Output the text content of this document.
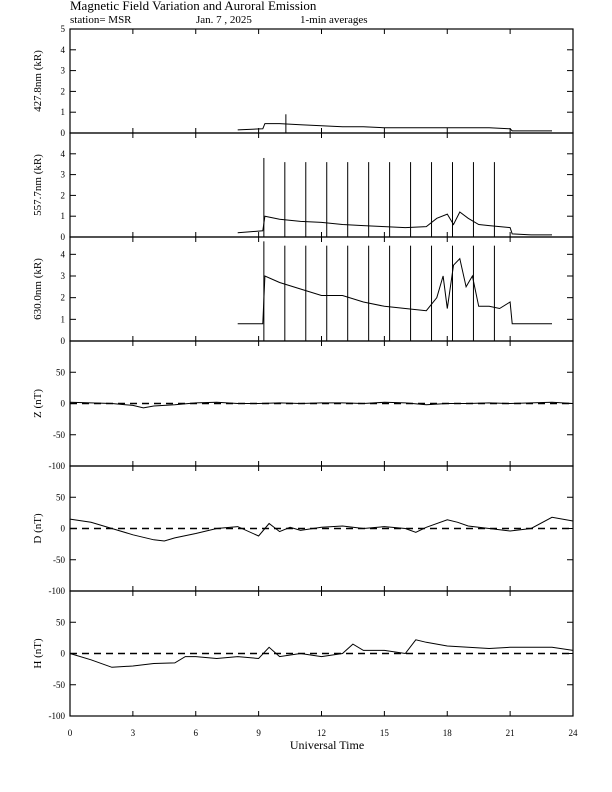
Magnetic Field Variation and Auroral Emission
station= MSR	Jan. 7 , 2025	1-min averages
0
1
2
3
4
5
427.8nm (kR)
0
1
2
3
4
557.7nm (kR)
0
1
2
3
4
630.0nm (kR)
-100
-50
0
50
Z (nT)
-100
-50
0
50
D (nT)
-100
-50
0
50
H (nT)
0	3	6	9	12	15	18	21	24
Universal Time
